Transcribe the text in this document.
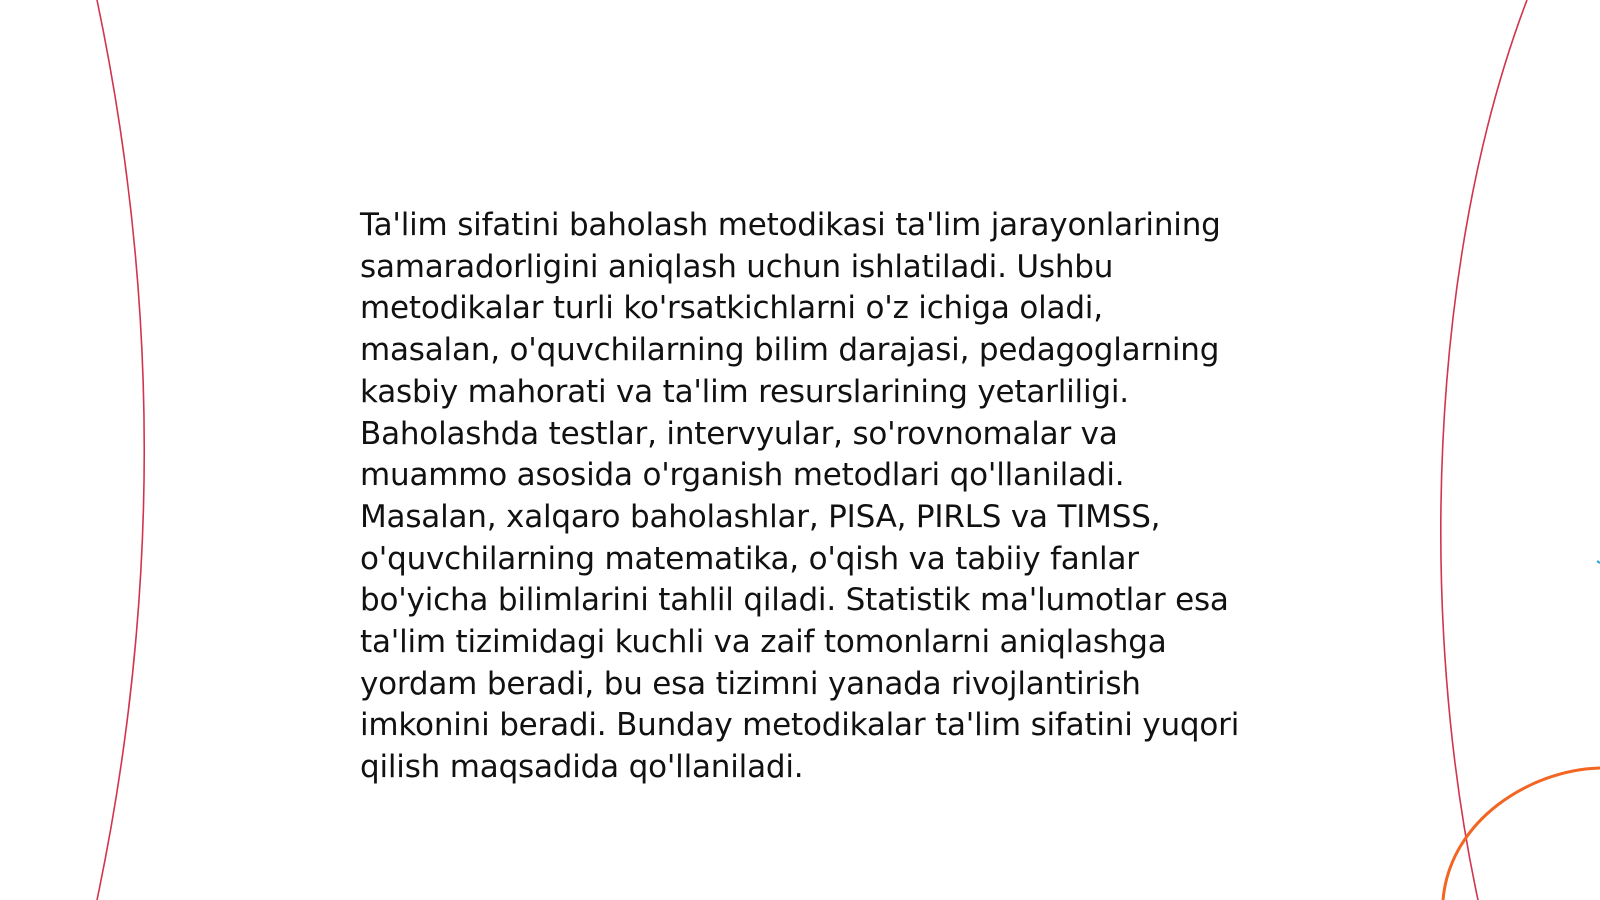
Ta'lim sifatini baholash metodikasi ta'lim jarayonlarining samaradorligini aniqlash uchun ishlatiladi. Ushbu metodikalar turli ko'rsatkichlarni o'z ichiga oladi, masalan, o'quvchilarning bilim darajasi, pedagoglarning kasbiy mahorati va ta'lim resurslarining yetarliligi. Baholashda testlar, intervyular, so'rovnomalar va muammo asosida o'rganish metodlari qo'llaniladi. Masalan, xalqaro baholashlar, PISA, PIRLS va TIMSS, o'quvchilarning matematika, o'qish va tabiiy fanlar bo'yicha bilimlarini tahlil qiladi. Statistik ma'lumotlar esa ta'lim tizimidagi kuchli va zaif tomonlarni aniqlashga yordam beradi, bu esa tizimni yanada rivojlantirish imkonini beradi. Bunday metodikalar ta'lim sifatini yuqori qilish maqsadida qo'llaniladi.
